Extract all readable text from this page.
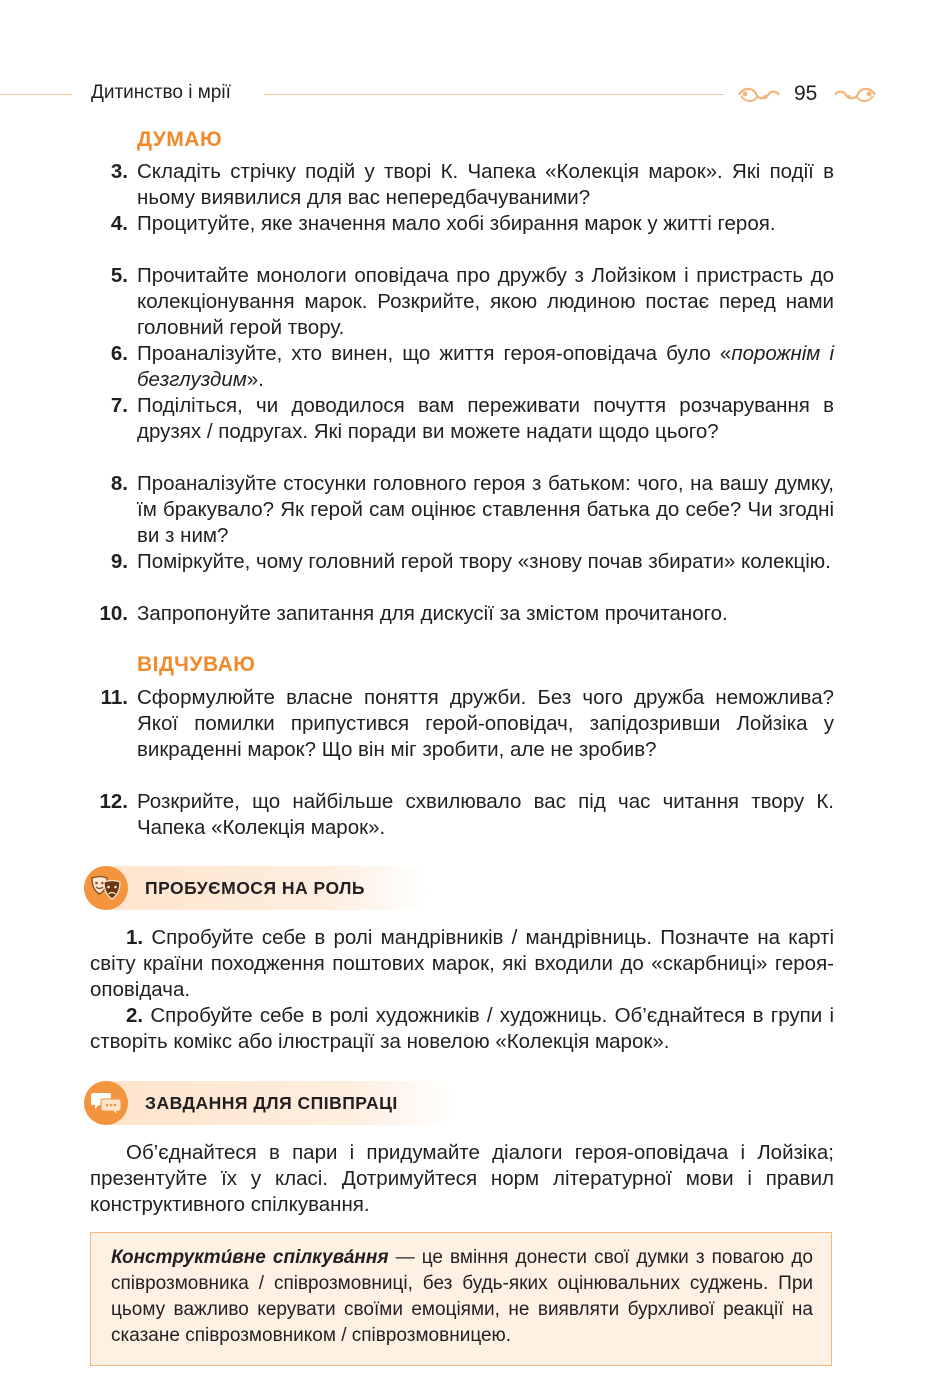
Дитинство і мрії	95
ДУМАЮ
3. Складіть стрічку подій у творі К. Чапека «Колекція марок». Які події в ньому виявилися для вас непередбачуваними?
4. Процитуйте, яке значення мало хобі збирання марок у житті героя.
5. Прочитайте монологи оповідача про дружбу з Лойзіком і пристрасть до колекціонування марок. Розкрийте, якою людиною постає перед нами головний герой твору.
6. Проаналізуйте, хто винен, що життя героя-оповідача було «порожнім і безглуздим».
7. Поділіться, чи доводилося вам переживати почуття розчарування в друзях / подругах. Які поради ви можете надати щодо цього?
8. Проаналізуйте стосунки головного героя з батьком: чого, на вашу думку, їм бракувало? Як герой сам оцінює ставлення батька до себе? Чи згодні ви з ним?
9. Поміркуйте, чому головний герой твору «знову почав збирати» колекцію.
10. Запропонуйте запитання для дискусії за змістом прочитаного.
ВІДЧУВАЮ
11. Сформулюйте власне поняття дружби. Без чого дружба неможлива? Якої помилки припустився герой-оповідач, запідозривши Лойзіка у викраденні марок? Що він міг зробити, але не зробив?
12. Розкрийте, що найбільше схвилювало вас під час читання твору К. Чапека «Колекція марок».
ПРОБУЄМОСЯ НА РОЛЬ
1. Спробуйте себе в ролі мандрівників / мандрівниць. Позначте на карті світу країни походження поштових марок, які входили до «скарбниці» героя-оповідача.
2. Спробуйте себе в ролі художників / художниць. Об’єднайтеся в групи і створіть комікс або ілюстрації за новелою «Колекція марок».
ЗАВДАННЯ ДЛЯ СПІВПРАЦІ
Об’єднайтеся в пари і придумайте діалоги героя-оповідача і Лойзіка; презентуйте їх у класі. Дотримуйтеся норм літературної мови і правил конструктивного спілкування.
Конструкти́вне спілкува́ння — це вміння донести свої думки з повагою до співрозмовника / співрозмовниці, без будь-яких оцінювальних суджень. При цьому важливо керувати своїми емоціями, не виявляти бурхливої реакції на сказане співрозмовником / співрозмовницею.
